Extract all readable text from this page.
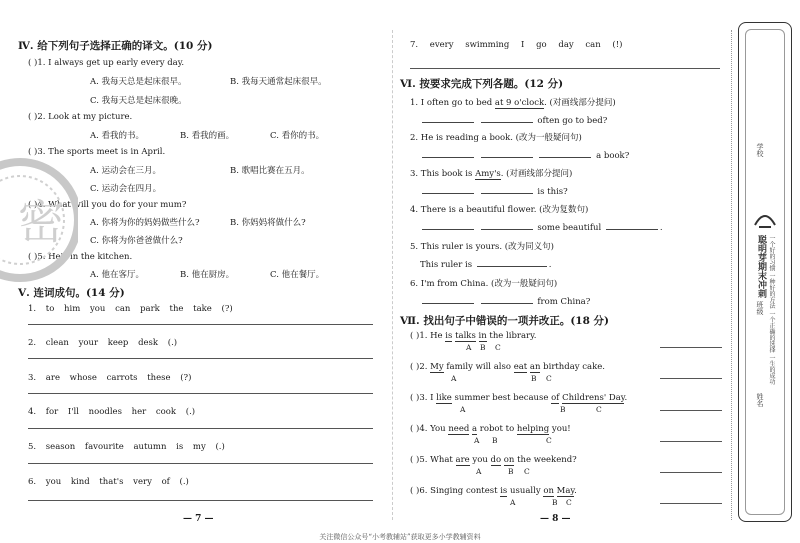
Ⅳ. 给下列句子选择正确的译文。(10 分)
( )1. I always get up early every day.
A. 我每天总是起床很早。	B. 我每天通常起床很早。
C. 我每天总是起床很晚。
( )2. Look at my picture.
A. 看我的书。	B. 看我的画。	C. 看你的书。
( )3. The sports meet is in April.
A. 运动会在三月。	B. 歌唱比赛在五月。
C. 运动会在四月。
( )4. What will you do for your mum?
A. 你将为你的妈妈做些什么?	B. 你妈妈将做什么?
C. 你将为你爸爸做什么?
( )5. He's in the kitchen.
A. 他在客厅。	B. 他在厨房。	C. 他在餐厅。
Ⅴ. 连词成句。(14 分)
1. to him you can park the take (?)
2. clean your keep desk (.)
3. are whose carrots these (?)
4. for I'll noodles her cook (.)
5. season favourite autumn is my (.)
6. you kind that's very of (.)
— 7 —
密
7. every swimming I go day can (!)
Ⅵ. 按要求完成下列各题。(12 分)
1. I often go to bed at 9 o'clock. (对画线部分提问)
often go to bed?
2. He is reading a book. (改为一般疑问句)
a book?
3. This book is Amy's. (对画线部分提问)
is this?
4. There is a beautiful flower. (改为复数句)
some beautiful	.
5. This ruler is yours. (改为同义句)
This ruler is	.
6. I'm from China. (改为一般疑问句)
from China?
Ⅶ. 找出句子中错误的一项并改正。(18 分)
( )1. He is talks in the library.
A B C
( )2. My family will also eat an birthday cake.
A	B C
( )3. I like summer best because of Childrens' Day.
A	B	C
( )4. You need a robot to helping you!
A B	C
( )5. What are you do on the weekend?
A	B C
( )6. Singing contest is usually on May.
A	B C
— 8 —
学校
聪明芽期末冲刺 一个好的习惯 一种好的方法 一个正确的选择 一生的成功
班级
姓名
关注微信公众号“小考教辅站”获取更多小学教辅资料
